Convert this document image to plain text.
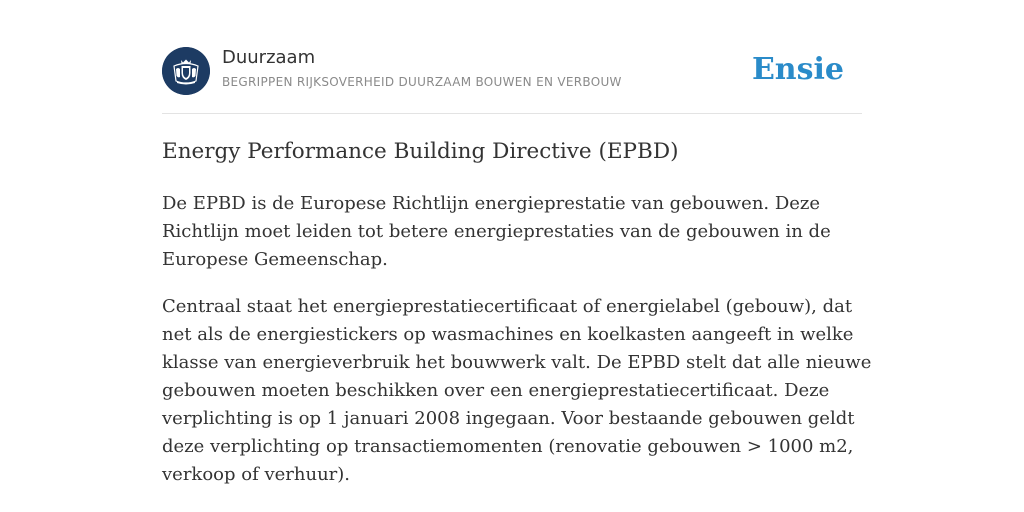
Duurzaam
BEGRIPPEN RIJKSOVERHEID DUURZAAM BOUWEN EN VERBOUW	Ensie
Energy Performance Building Directive (EPBD)

De EPBD is de Europese Richtlijn energieprestatie van gebouwen. Deze Richtlijn moet leiden tot betere energieprestaties van de gebouwen in de Europese Gemeenschap.

Centraal staat het energieprestatiecertificaat of energielabel (gebouw), dat net als de energiestickers op wasmachines en koelkasten aangeeft in welke klasse van energieverbruik het bouwwerk valt. De EPBD stelt dat alle nieuwe gebouwen moeten beschikken over een energieprestatiecertificaat. Deze verplichting is op 1 januari 2008 ingegaan. Voor bestaande gebouwen geldt deze verplichting op transactiemomenten (renovatie gebouwen > 1000 m2, verkoop of verhuur).
